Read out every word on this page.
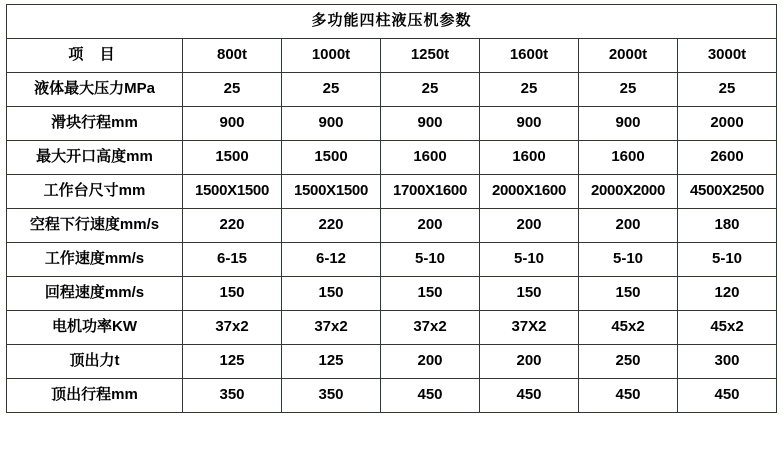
多功能四柱液压机参数						
项 目	800t	1000t	1250t	1600t	2000t	3000t
液体最大压力MPa	25	25	25	25	25	25
滑块行程mm	900	900	900	900	900	2000
最大开口高度mm	1500	1500	1600	1600	1600	2600
工作台尺寸mm	1500X1500	1500X1500	1700X1600	2000X1600	2000X2000	4500X2500
空程下行速度mm/s	220	220	200	200	200	180
工作速度mm/s	6-15	6-12	5-10	5-10	5-10	5-10
回程速度mm/s	150	150	150	150	150	120
电机功率KW	37x2	37x2	37x2	37X2	45x2	45x2
顶出力t	125	125	200	200	250	300
顶出行程mm	350	350	450	450	450	450
